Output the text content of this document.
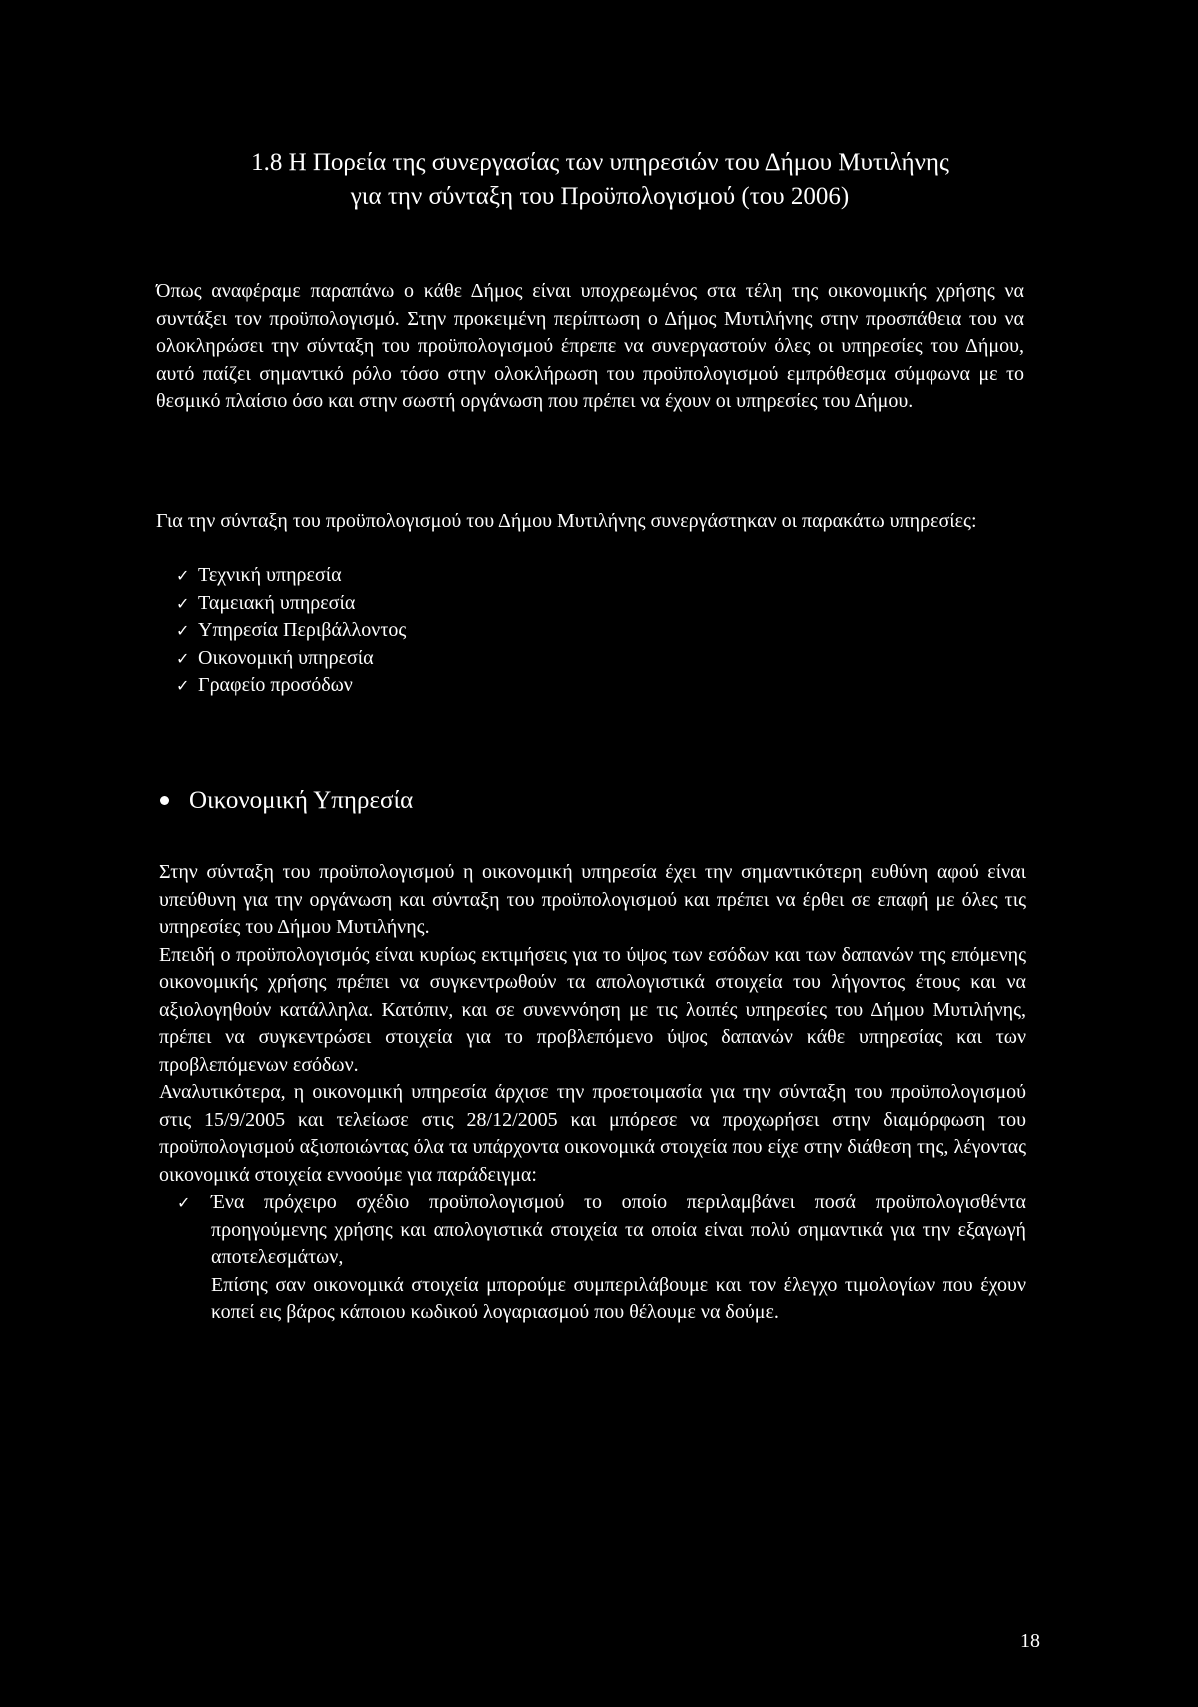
1.8 Η Πορεία της συνεργασίας των υπηρεσιών του Δήμου Μυτιλήνης
για την σύνταξη του Προϋπολογισμού (του 2006)
Όπως αναφέραμε παραπάνω ο κάθε Δήμος είναι υποχρεωμένος στα τέλη της οικονομικής χρήσης να συντάξει τον προϋπολογισμό. Στην προκειμένη περίπτωση ο Δήμος Μυτιλήνης στην προσπάθεια του να ολοκληρώσει την σύνταξη του προϋπολογισμού έπρεπε να συνεργαστούν όλες οι υπηρεσίες του Δήμου, αυτό παίζει σημαντικό ρόλο τόσο στην ολοκλήρωση του προϋπολογισμού εμπρόθεσμα σύμφωνα με το θεσμικό πλαίσιο όσο και στην σωστή οργάνωση που πρέπει να έχουν οι υπηρεσίες του Δήμου.
Για την σύνταξη του προϋπολογισμού του Δήμου Μυτιλήνης συνεργάστηκαν οι παρακάτω υπηρεσίες:
✓ Τεχνική υπηρεσία
✓ Ταμειακή υπηρεσία
✓ Υπηρεσία Περιβάλλοντος
✓ Οικονομική υπηρεσία
✓ Γραφείο προσόδων
Οικονομική Υπηρεσία

Στην σύνταξη του προϋπολογισμού η οικονομική υπηρεσία έχει την σημαντικότερη ευθύνη αφού είναι υπεύθυνη για την οργάνωση και σύνταξη του προϋπολογισμού και πρέπει να έρθει σε επαφή με όλες τις υπηρεσίες του Δήμου Μυτιλήνης.

Επειδή ο προϋπολογισμός είναι κυρίως εκτιμήσεις για το ύψος των εσόδων και των δαπανών της επόμενης οικονομικής χρήσης πρέπει να συγκεντρωθούν τα απολογιστικά στοιχεία του λήγοντος έτους και να αξιολογηθούν κατάλληλα. Κατόπιν, και σε συνεννόηση με τις λοιπές υπηρεσίες του Δήμου Μυτιλήνης, πρέπει να συγκεντρώσει στοιχεία για το προβλεπόμενο ύψος δαπανών κάθε υπηρεσίας και των προβλεπόμενων εσόδων.

Αναλυτικότερα, η οικονομική υπηρεσία άρχισε την προετοιμασία για την σύνταξη του προϋπολογισμού στις 15/9/2005 και τελείωσε στις 28/12/2005 και μπόρεσε να προχωρήσει στην διαμόρφωση του προϋπολογισμού αξιοποιώντας όλα τα υπάρχοντα οικονομικά στοιχεία που είχε στην διάθεση της, λέγοντας οικονομικά στοιχεία εννοούμε για παράδειγμα:

✓ Ένα πρόχειρο σχέδιο προϋπολογισμού το οποίο περιλαμβάνει ποσά προϋπολογισθέντα προηγούμενης χρήσης και απολογιστικά στοιχεία τα οποία είναι πολύ σημαντικά για την εξαγωγή αποτελεσμάτων,
Επίσης σαν οικονομικά στοιχεία μπορούμε συμπεριλάβουμε και τον έλεγχο τιμολογίων που έχουν κοπεί εις βάρος κάποιου κωδικού λογαριασμού που θέλουμε να δούμε.
18
